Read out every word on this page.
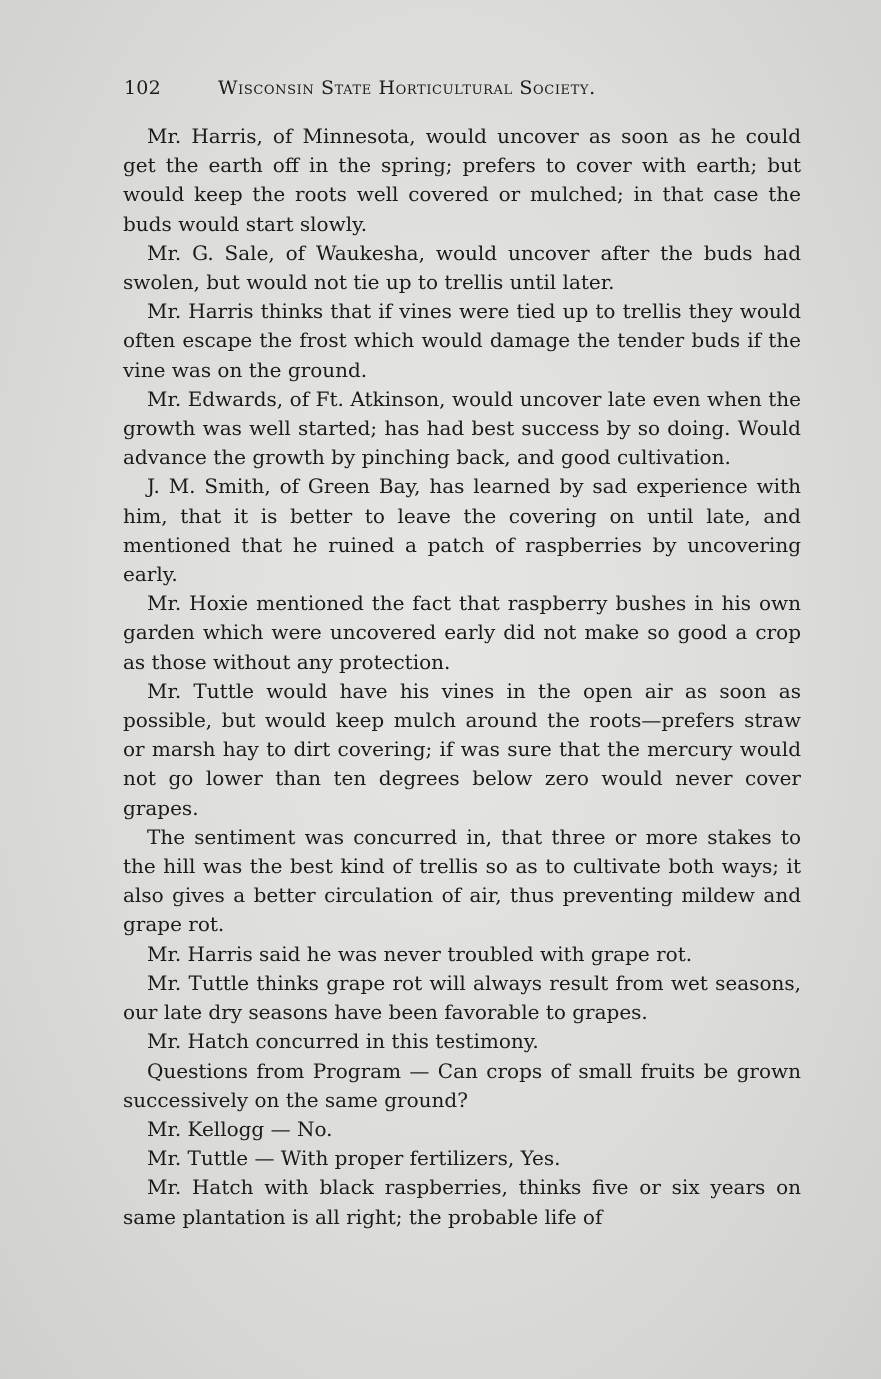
102	Wisconsin State Horticultural Society.

Mr. Harris, of Minnesota, would uncover as soon as he could get the earth off in the spring; prefers to cover with earth; but would keep the roots well covered or mulched; in that case the buds would start slowly.

Mr. G. Sale, of Waukesha, would uncover after the buds had swolen, but would not tie up to trellis until later.

Mr. Harris thinks that if vines were tied up to trellis they would often escape the frost which would damage the tender buds if the vine was on the ground.

Mr. Edwards, of Ft. Atkinson, would uncover late even when the growth was well started; has had best success by so doing. Would advance the growth by pinching back, and good cultivation.

J. M. Smith, of Green Bay, has learned by sad experience with him, that it is better to leave the covering on until late, and mentioned that he ruined a patch of raspberries by uncovering early.

Mr. Hoxie mentioned the fact that raspberry bushes in his own garden which were uncovered early did not make so good a crop as those without any protection.

Mr. Tuttle would have his vines in the open air as soon as possible, but would keep mulch around the roots—prefers straw or marsh hay to dirt covering; if was sure that the mercury would not go lower than ten degrees below zero would never cover grapes.

The sentiment was concurred in, that three or more stakes to the hill was the best kind of trellis so as to cultivate both ways; it also gives a better circulation of air, thus preventing mildew and grape rot.

Mr. Harris said he was never troubled with grape rot.

Mr. Tuttle thinks grape rot will always result from wet seasons, our late dry seasons have been favorable to grapes.

Mr. Hatch concurred in this testimony.

Questions from Program — Can crops of small fruits be grown successively on the same ground?

Mr. Kellogg — No.

Mr. Tuttle — With proper fertilizers, Yes.

Mr. Hatch with black raspberries, thinks five or six years on same plantation is all right; the probable life of
